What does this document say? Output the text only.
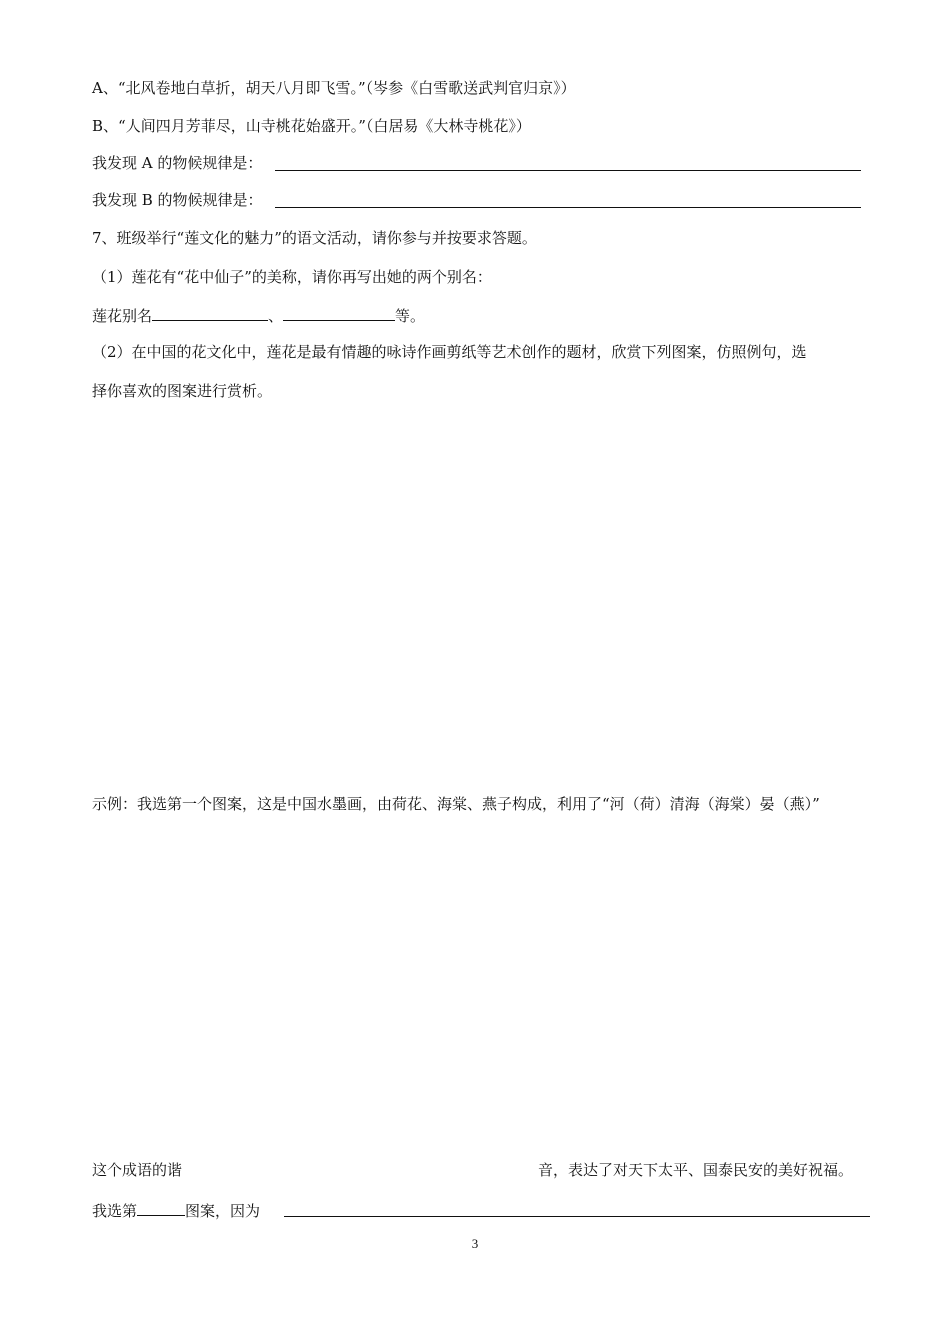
A、“北风卷地白草折，胡天八月即飞雪。”（岑参《白雪歌送武判官归京》）
B、“人间四月芳菲尽，山寺桃花始盛开。”（白居易《大林寺桃花》）
我发现 A 的物候规律是：
我发现 B 的物候规律是：
7、班级举行“莲文化的魅力”的语文活动，请你参与并按要求答题。
（1）莲花有“花中仙子”的美称，请你再写出她的两个别名：
莲花别名	、	等。
（2）在中国的花文化中，莲花是最有情趣的咏诗作画剪纸等艺术创作的题材，欣赏下列图案，仿照例句，选
择你喜欢的图案进行赏析。
示例：我选第一个图案，这是中国水墨画，由荷花、海棠、燕子构成，利用了“河（荷）清海（海棠）晏（燕）”
这个成语的谐	音，表达了对天下太平、国泰民安的美好祝福。
我选第	图案，因为
3
